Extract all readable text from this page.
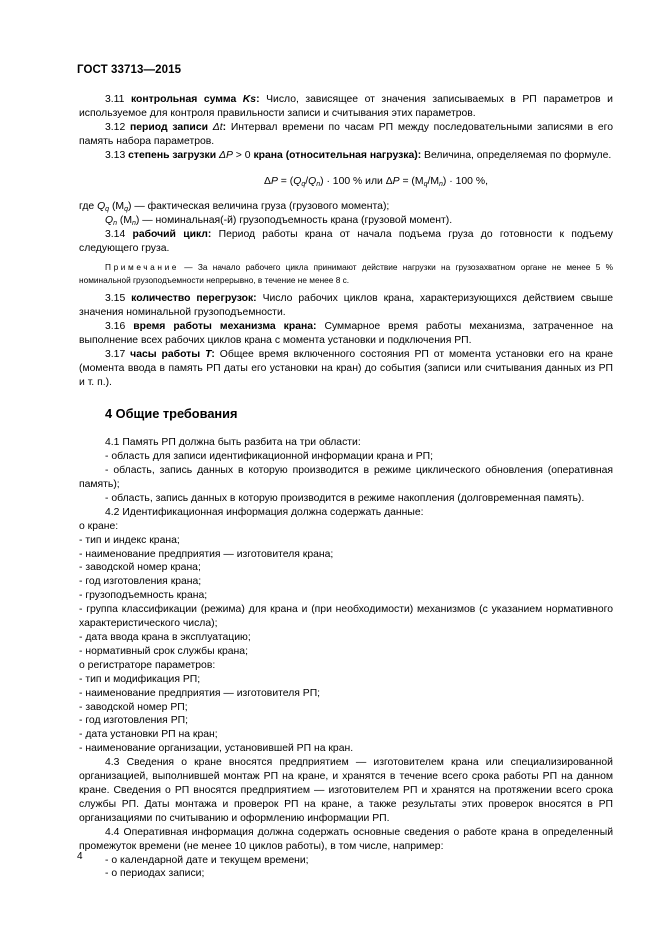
ГОСТ 33713—2015

3.11 контрольная сумма Ks: Число, зависящее от значения записываемых в РП параметров и используемое для контроля правильности записи и считывания этих параметров.

3.12 период записи Δt: Интервал времени по часам РП между последовательными записями в его память набора параметров.

3.13 степень загрузки ΔP > 0 крана (относительная нагрузка): Величина, определяемая по формуле.

$\Delta P = (Q_q/Q_n) \cdot 100$ % или $\Delta P = (M_q/M_n) \cdot 100$ %,

где $Q_q$ $(M_q)$ — фактическая величина груза (грузового момента);

$Q_n$ $(M_n)$ — номинальная(-й) грузоподъемность крана (грузовой момент).

3.14 рабочий цикл: Период работы крана от начала подъема груза до готовности к подъему следующего груза.

Примечание — За начало рабочего цикла принимают действие нагрузки на грузозахватном органе не менее 5 % номинальной грузоподъемности непрерывно, в течение не менее 8 с.

3.15 количество перегрузок: Число рабочих циклов крана, характеризующихся действием свыше значения номинальной грузоподъемности.

3.16 время работы механизма крана: Суммарное время работы механизма, затраченное на выполнение всех рабочих циклов крана с момента установки и подключения РП.

3.17 часы работы T: Общее время включенного состояния РП от момента установки его на кране (момента ввода в память РП даты его установки на кран) до события (записи или считывания данных из РП и т. п.).

4 Общие требования

4.1 Память РП должна быть разбита на три области:

- область для записи идентификационной информации крана и РП;

- область, запись данных в которую производится в режиме циклического обновления (оперативная память);

- область, запись данных в которую производится в режиме накопления (долговременная память).

4.2 Идентификационная информация должна содержать данные:

о кране:

- тип и индекс крана;

- наименование предприятия — изготовителя крана;

- заводской номер крана;

- год изготовления крана;

- грузоподъемность крана;

- группа классификации (режима) для крана и (при необходимости) механизмов (с указанием нормативного характеристического числа);

- дата ввода крана в эксплуатацию;

- нормативный срок службы крана;

о регистраторе параметров:

- тип и модификация РП;

- наименование предприятия — изготовителя РП;

- заводской номер РП;

- год изготовления РП;

- дата установки РП на кран;

- наименование организации, установившей РП на кран.

4.3 Сведения о кране вносятся предприятием — изготовителем крана или специализированной организацией, выполнившей монтаж РП на кране, и хранятся в течение всего срока работы РП на данном кране. Сведения о РП вносятся предприятием — изготовителем РП и хранятся на протяжении всего срока службы РП. Даты монтажа и проверок РП на кране, а также результаты этих проверок вносятся в РП организациями по считыванию и оформлению информации РП.

4.4 Оперативная информация должна содержать основные сведения о работе крана в определенный промежуток времени (не менее 10 циклов работы), в том числе, например:

- о календарной дате и текущем времени;

- о периодах записи;

4
